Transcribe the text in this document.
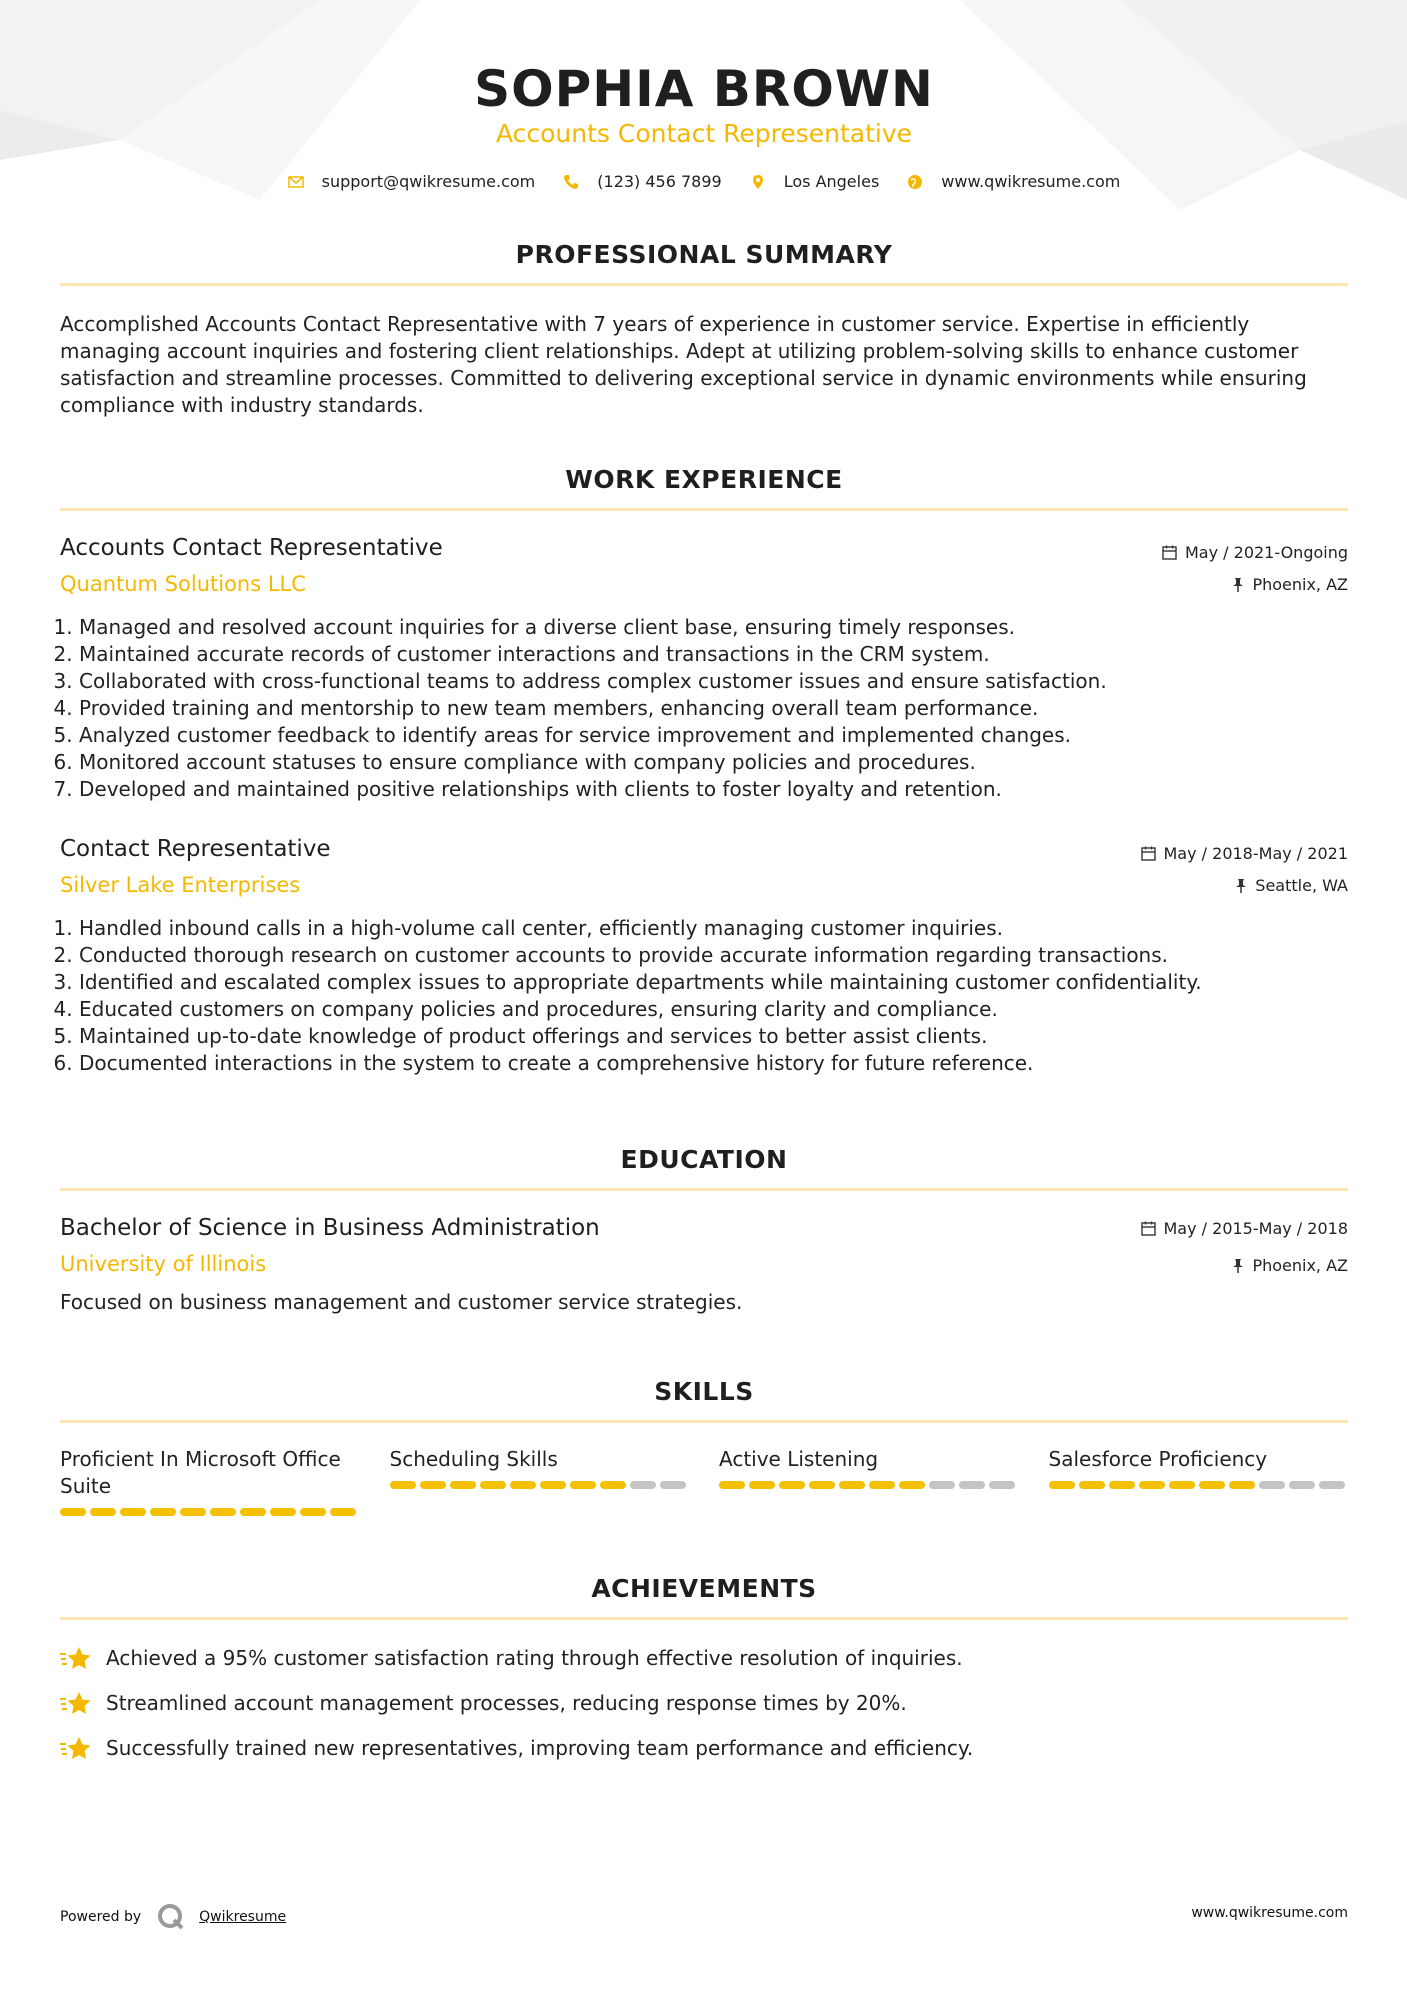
SOPHIA BROWN
Accounts Contact Representative
support@qwikresume.com	(123) 456 7899	Los Angeles	www.qwikresume.com
PROFESSIONAL SUMMARY
Accomplished Accounts Contact Representative with 7 years of experience in customer service. Expertise in efficiently managing account inquiries and fostering client relationships. Adept at utilizing problem-solving skills to enhance customer satisfaction and streamline processes. Committed to delivering exceptional service in dynamic environments while ensuring compliance with industry standards.
WORK EXPERIENCE
Accounts Contact Representative
Quantum Solutions LLC
May / 2021-Ongoing
Phoenix, AZ
1. Managed and resolved account inquiries for a diverse client base, ensuring timely responses.
2. Maintained accurate records of customer interactions and transactions in the CRM system.
3. Collaborated with cross-functional teams to address complex customer issues and ensure satisfaction.
4. Provided training and mentorship to new team members, enhancing overall team performance.
5. Analyzed customer feedback to identify areas for service improvement and implemented changes.
6. Monitored account statuses to ensure compliance with company policies and procedures.
7. Developed and maintained positive relationships with clients to foster loyalty and retention.
Contact Representative
Silver Lake Enterprises
May / 2018-May / 2021
Seattle, WA
1. Handled inbound calls in a high-volume call center, efficiently managing customer inquiries.
2. Conducted thorough research on customer accounts to provide accurate information regarding transactions.
3. Identified and escalated complex issues to appropriate departments while maintaining customer confidentiality.
4. Educated customers on company policies and procedures, ensuring clarity and compliance.
5. Maintained up-to-date knowledge of product offerings and services to better assist clients.
6. Documented interactions in the system to create a comprehensive history for future reference.
EDUCATION
Bachelor of Science in Business Administration
University of Illinois
May / 2015-May / 2018
Phoenix, AZ
Focused on business management and customer service strategies.
SKILLS
Proficient In Microsoft Office Suite
Scheduling Skills	Active Listening	Salesforce Proficiency
ACHIEVEMENTS
Achieved a 95% customer satisfaction rating through effective resolution of inquiries.
Streamlined account management processes, reducing response times by 20%.
Successfully trained new representatives, improving team performance and efficiency.
Powered by	Qwikresume	www.qwikresume.com
